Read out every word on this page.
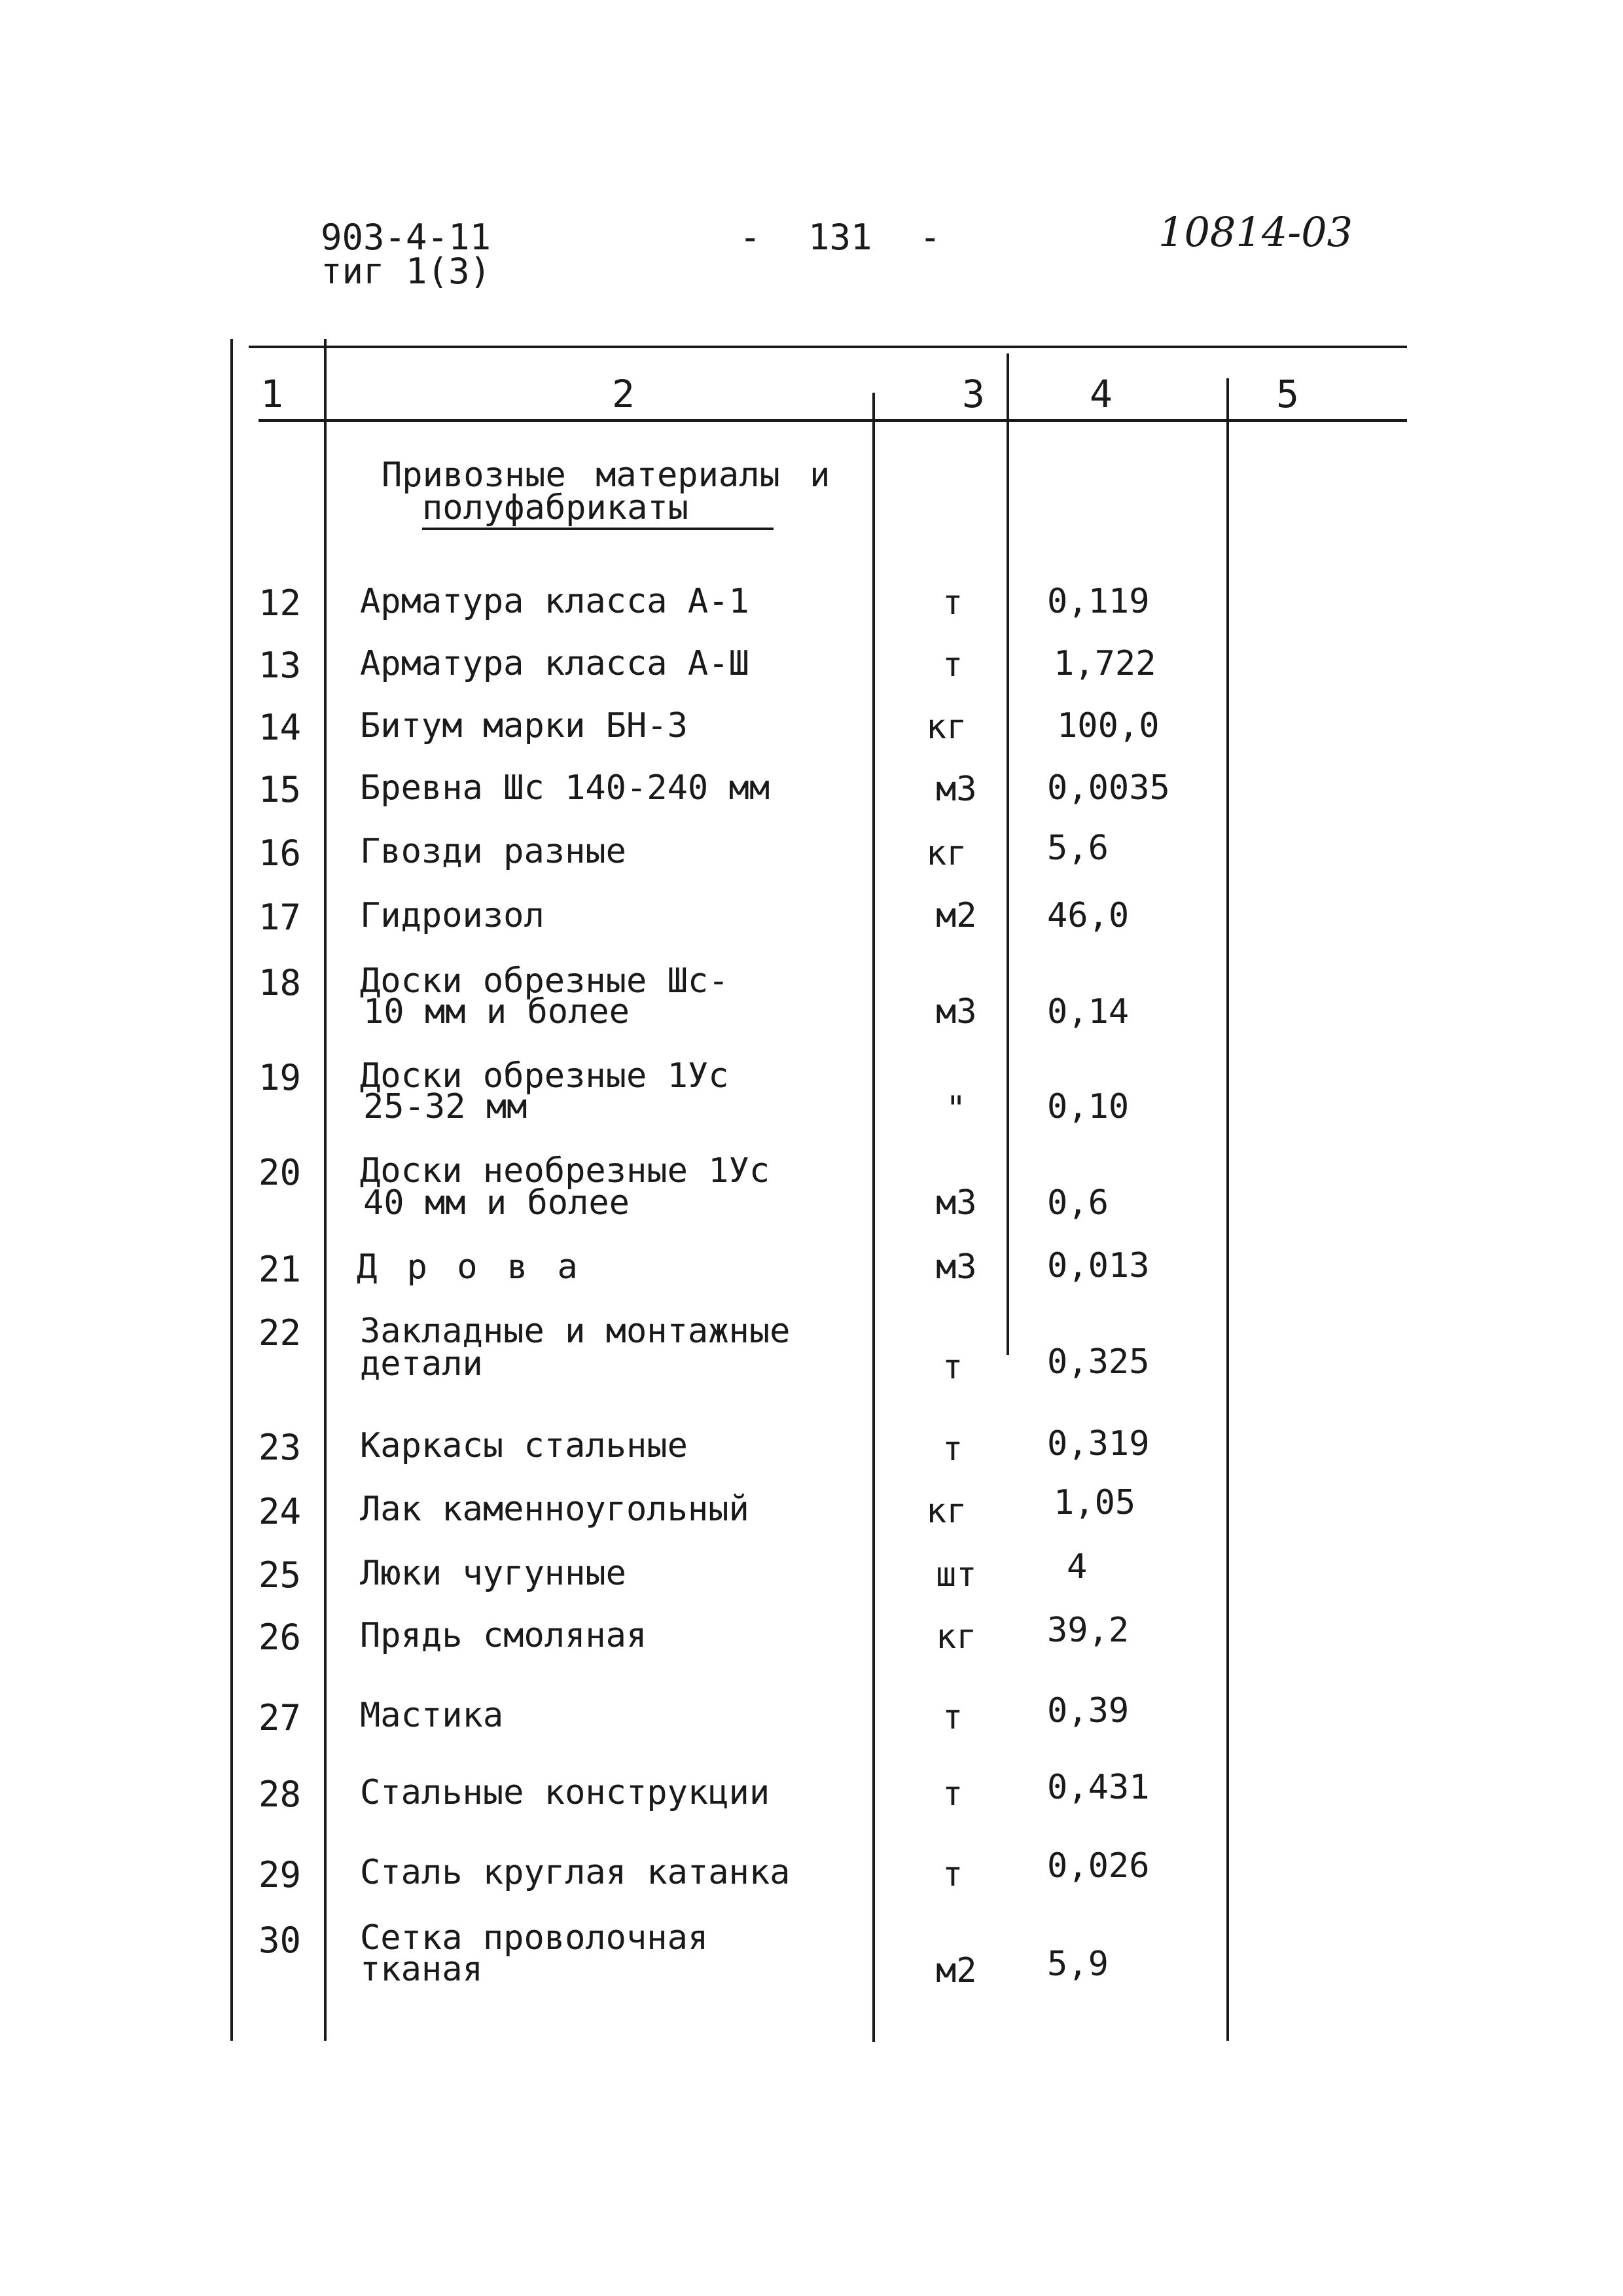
903-4-11
тиг 1(3)
- 131 -	10814-03
1	2	3	4	5
Привозные материалы и
полуфабрикаты
12 Арматура класса А-1	т 0,119
13 Арматура класса А-Ш	т	1,722
14 Битум марки БН-3	кг	100,0
15 Бревна Шс 140-240 мм	м3 0,0035
16 Гвозди разные	кг 5,6
17 Гидроизол	м2 46,0
18 Доски обрезные Шс-
10 мм и более	м3 0,14
19 Доски обрезные 1Ус
25-32 мм	" 0,10
20 Доски необрезные 1Ус
40 мм и более	м3 0,6
21 Д р о в а	м3 0,013
22 Закладные и монтажные
детали	т 0,325
23 Каркасы стальные	т 0,319
24 Лак каменноугольный	кг	1,05
25 Люки чугунные	шт	4
26 Прядь смоляная	кг 39,2
27 Мастика	т 0,39
28 Стальные конструкции	т 0,431
29 Сталь круглая катанка	т 0,026
30 Сетка проволочная
тканая	м2 5,9
